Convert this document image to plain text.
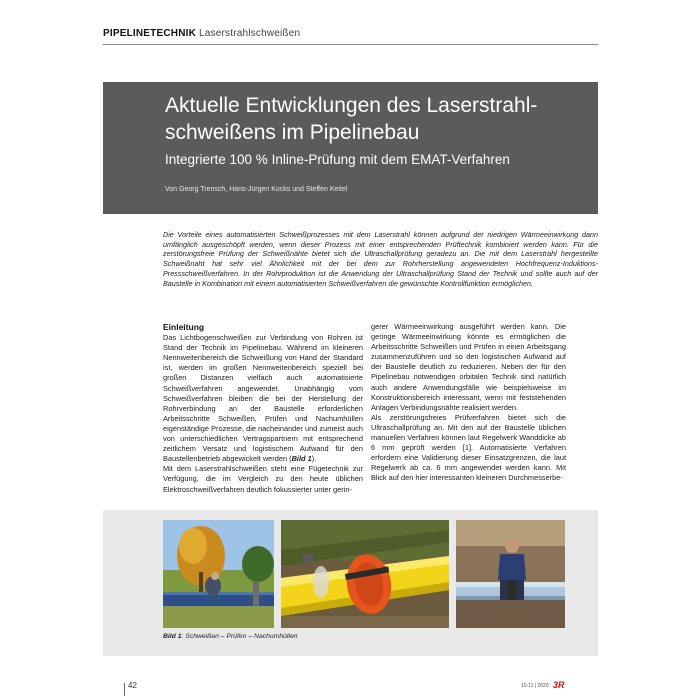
PIPELINETECHNIK Laserstrahlschweißen
Aktuelle Entwicklungen des Laserstrahl-
schweißens im Pipelinebau
Integrierte 100 % Inline-Prüfung mit dem EMAT-Verfahren
Von Georg Trensch, Hans-Jürgen Kocks und Steffen Keitel

Die Vorteile eines automatisierten Schweißprozesses mit dem Laserstrahl können aufgrund der niedrigen Wärmeeinwirkung dann umfänglich ausgeschöpft werden, wenn dieser Prozess mit einer entsprechenden Prüftechnik kombiniert werden kann. Für die zerstörungsfreie Prüfung der Schweißnähte bietet sich die Ultraschallprüfung geradezu an. Die mit dem Laserstrahl hergestellte Schweißnaht hat sehr viel Ähnlichkeit mit der bei dem zur Rohrherstellung angewendeten Hochfrequenz-Induktions-Pressschweißverfahren. In der Rohrproduktion ist die Anwendung der Ultraschallprüfung Stand der Technik und sollte auch auf der Baustelle in Kombination mit einem automatisierten Schweißverfahren die gewünschte Kontrollfunktion ermöglichen.

Einleitung

Das Lichtbogenschweißen zur Verbindung von Rohren ist Stand der Technik im Pipelinebau. Während im kleineren Nennweitenbereich die Schweißung von Hand der Standard ist, werden im großen Nennweitenbereich speziell bei großen Distanzen vielfach auch automatisierte Schweißverfahren angewendet. Unabhängig vom Schweißverfahren bleiben die bei der Herstellung der Rohrverbindung an der Baustelle erforderlichen Arbeitsschritte Schweißen, Prüfen und Nachumhüllen eigenständige Prozesse, die nacheinander und zumeist auch von unterschiedlichen Vertragspartnern mit entsprechend zeitlichem Versatz und logistischem Aufwand für den Baustellenbetrieb abgewickelt werden (Bild 1).

Mit dem Laserstrahlschweißen steht eine Fügetechnik zur Verfügung, die im Vergleich zu den heute üblichen Elektroschweißverfahren deutlich fokussierter unter gerin-

gerer Wärmeeinwirkung ausgeführt werden kann. Die geringe Wärmeeinwirkung könnte es ermöglichen die Arbeitsschritte Schweißen und Prüfen in einen Arbeitsgang zusammenzuführen und so den logistischen Aufwand auf der Baustelle deutlich zu reduzieren. Neben der für den Pipelinebau notwendigen orbitalen Technik sind natürlich auch andere Anwendungsfälle wie beispielsweise im Konstruktionsbereich interessant, wenn mit feststehenden Anlagen Verbindungsnähte realisiert werden.

Als zerstörungsfreies Prüfverfahren bietet sich die Ultraschallprüfung an. Mit den auf der Baustelle üblichen manuellen Verfahren können laut Regelwerk Wanddicke ab 6 mm geprüft werden [1]. Automatisierte Verfahren erfordern eine Validierung dieser Einsatzgrenzen, die laut Regelwerk ab ca. 6 mm angewendet werden kann. Mit Blick auf den hier interessanten kleineren Durchmesserbe-

Bild 1: Schweißen – Prüfen – Nachumhüllen
42	10-11 | 2020 3R
